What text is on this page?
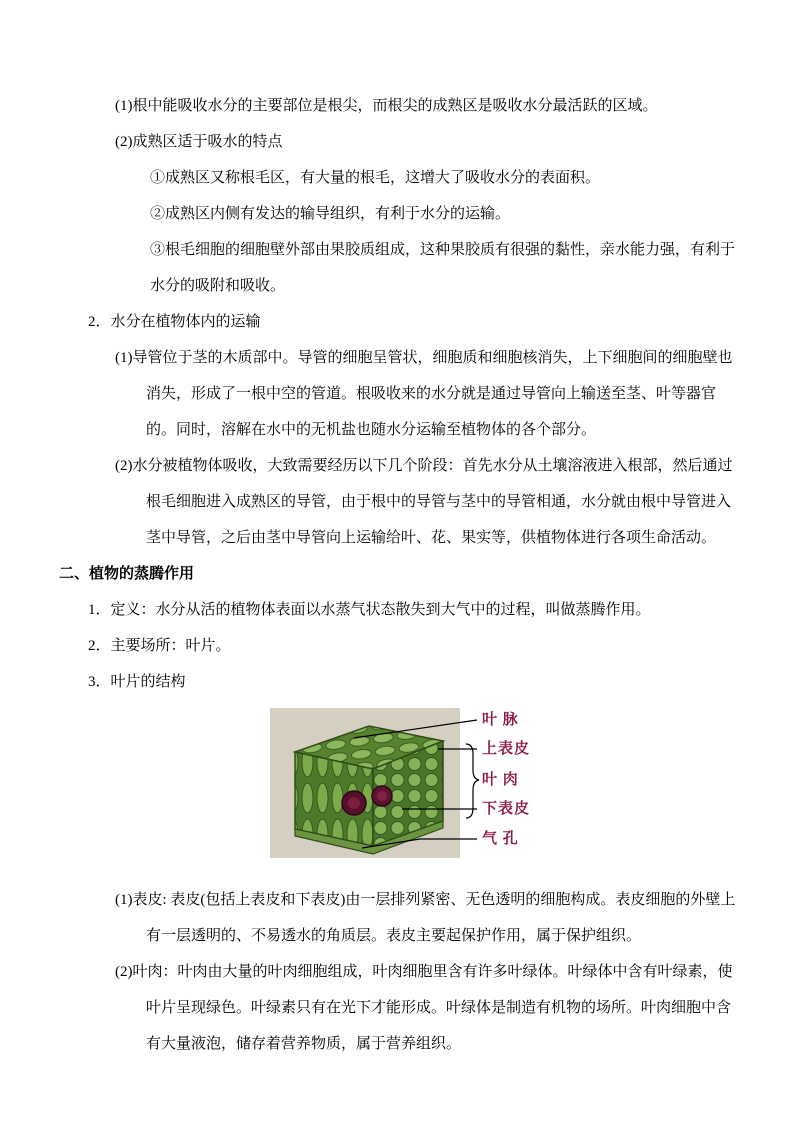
(1)根中能吸收水分的主要部位是根尖，而根尖的成熟区是吸收水分最活跃的区域。

(2)成熟区适于吸水的特点

①成熟区又称根毛区，有大量的根毛，这增大了吸收水分的表面积。

②成熟区内侧有发达的输导组织，有利于水分的运输。

③根毛细胞的细胞壁外部由果胶质组成，这种果胶质有很强的黏性，亲水能力强，有利于水分的吸附和吸收。

2．水分在植物体内的运输

(1)导管位于茎的木质部中。导管的细胞呈管状，细胞质和细胞核消失，上下细胞间的细胞壁也消失，形成了一根中空的管道。根吸收来的水分就是通过导管向上输送至茎、叶等器官的。同时，溶解在水中的无机盐也随水分运输至植物体的各个部分。

(2)水分被植物体吸收，大致需要经历以下几个阶段：首先水分从土壤溶液进入根部，然后通过根毛细胞进入成熟区的导管，由于根中的导管与茎中的导管相通，水分就由根中导管进入茎中导管，之后由茎中导管向上运输给叶、花、果实等，供植物体进行各项生命活动。

二、植物的蒸腾作用

1．定义：水分从活的植物体表面以水蒸气状态散失到大气中的过程，叫做蒸腾作用。

2．主要场所：叶片。

3．叶片的结构

叶 脉
上表皮
叶 肉
下表皮
气 孔

(1)表皮: 表皮(包括上表皮和下表皮)由一层排列紧密、无色透明的细胞构成。表皮细胞的外壁上有一层透明的、不易透水的角质层。表皮主要起保护作用，属于保护组织。

(2)叶肉：叶肉由大量的叶肉细胞组成，叶肉细胞里含有许多叶绿体。叶绿体中含有叶绿素，使叶片呈现绿色。叶绿素只有在光下才能形成。叶绿体是制造有机物的场所。叶肉细胞中含有大量液泡，储存着营养物质，属于营养组织。
